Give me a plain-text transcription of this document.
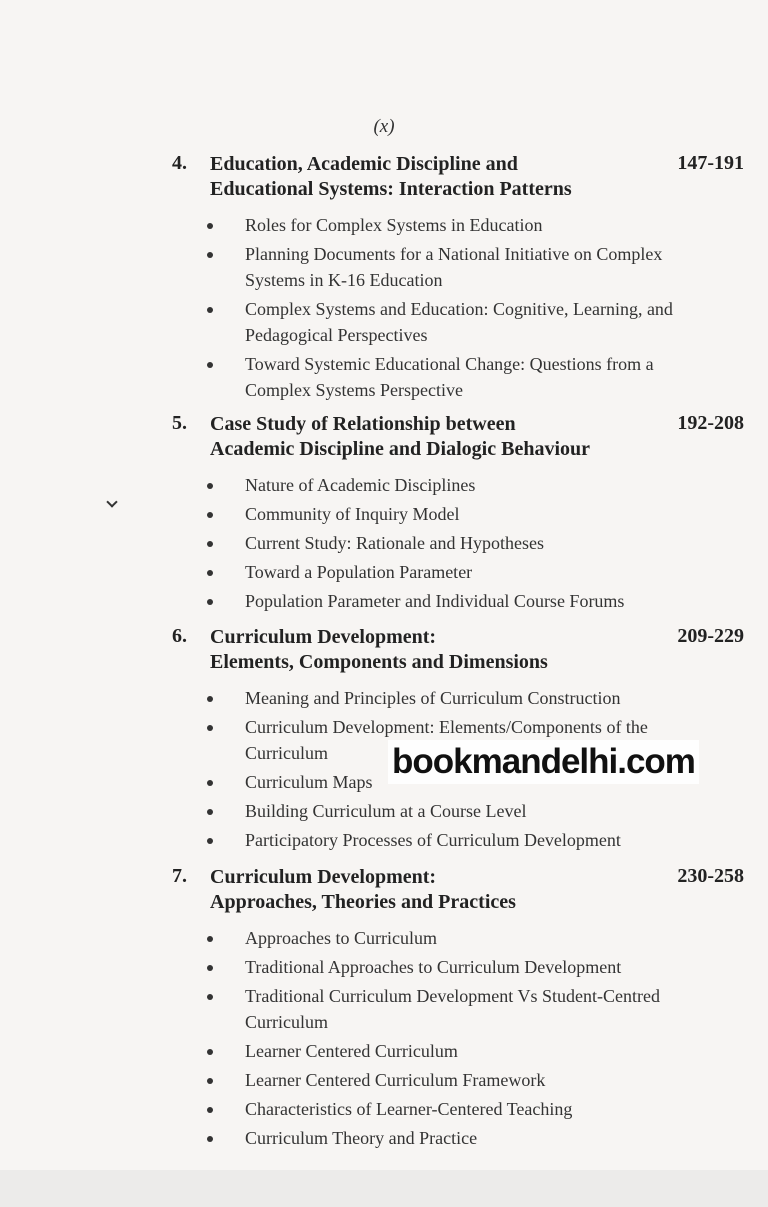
(x)
4. Education, Academic Discipline and
Educational Systems: Interaction Patterns
147-191
Roles for Complex Systems in Education
Planning Documents for a National Initiative on Complex
Systems in K-16 Education
Complex Systems and Education: Cognitive, Learning, and
Pedagogical Perspectives
Toward Systemic Educational Change: Questions from a
Complex Systems Perspective
5. Case Study of Relationship between
Academic Discipline and Dialogic Behaviour
192-208
Nature of Academic Disciplines
Community of Inquiry Model
Current Study: Rationale and Hypotheses
Toward a Population Parameter
Population Parameter and Individual Course Forums
6. Curriculum Development:
Elements, Components and Dimensions
209-229
Meaning and Principles of Curriculum Construction
Curriculum Development: Elements/Components of the
Curriculum
Curriculum Maps
Building Curriculum at a Course Level
Participatory Processes of Curriculum Development
7. Curriculum Development:
Approaches, Theories and Practices
230-258
Approaches to Curriculum
Traditional Approaches to Curriculum Development
Traditional Curriculum Development Vs Student-Centred
Curriculum
Learner Centered Curriculum
Learner Centered Curriculum Framework
Characteristics of Learner-Centered Teaching
Curriculum Theory and Practice
bookmandelhi.com
